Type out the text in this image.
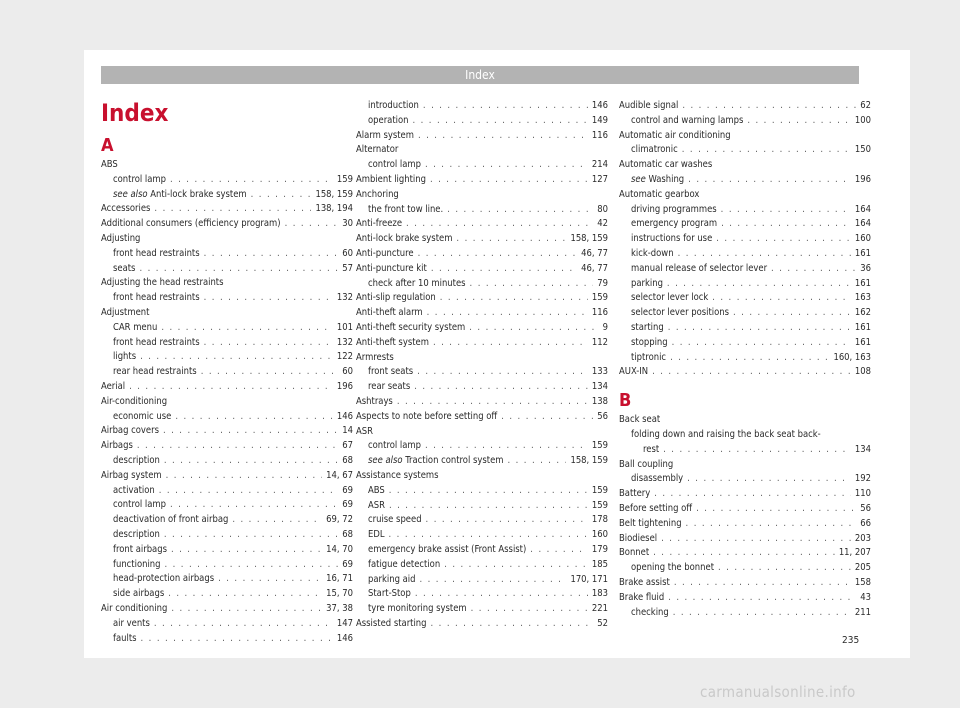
Index
Index
A
ABS
control lamp . . .	159
see also Anti-lock brake system . . .	158, 159
Accessories . . .	138, 194
Additional consumers (efficiency program) . . .	30
Adjusting
front head restraints . . .	60
seats . . .	57
Adjusting the head restraints
front head restraints . . .	132
Adjustment
CAR menu . . .	101
front head restraints . . .	132
lights . . .	122
rear head restraints . . .	60
Aerial . . .	196
Air-conditioning
economic use . . .	146
Airbag covers . . .	14
Airbags . . .	67
description . . .	68
Airbag system . . .	14, 67
activation . . .	69
control lamp . . .	69
deactivation of front airbag . . .	69, 72
description . . .	68
front airbags . . .	14, 70
functioning . . .	69
head-protection airbags . . .	16, 71
side airbags . . .	15, 70
Air conditioning . . .	37, 38
air vents . . .	147
faults . . .	146
introduction . . .	146
operation . . .	149
Alarm system . . .	116
Alternator
control lamp . . .	214
Ambient lighting . . .	127
Anchoring
the front tow line. . . .	80
Anti-freeze . . .	42
Anti-lock brake system . . .	158, 159
Anti-puncture . . .	46, 77
Anti-puncture kit . . .	46, 77
check after 10 minutes . . .	79
Anti-slip regulation . . .	159
Anti-theft alarm . . .	116
Anti-theft security system . . .	9
Anti-theft system . . .	112
Armrests
front seats . . .	133
rear seats . . .	134
Ashtrays . . .	138
Aspects to note before setting off . . .	56
ASR
control lamp . . .	159
see also Traction control system . . .	158, 159
Assistance systems
ABS . . .	159
ASR . . .	159
cruise speed . . .	178
EDL . . .	160
emergency brake assist (Front Assist) . . .	179
fatigue detection . . .	185
parking aid . . .	170, 171
Start-Stop . . .	183
tyre monitoring system . . .	221
Assisted starting . . .	52
Audible signal . . .	62
control and warning lamps . . .	100
Automatic air conditioning
climatronic . . .	150
Automatic car washes
see Washing . . .	196
Automatic gearbox
driving programmes . . .	164
emergency program . . .	164
instructions for use . . .	160
kick-down . . .	161
manual release of selector lever . . .	36
parking . . .	161
selector lever lock . . .	163
selector lever positions . . .	162
starting . . .	161
stopping . . .	161
tiptronic . . .	160, 163
AUX-IN . . .	108
B
Back seat
folding down and raising the back seat back-
rest . . .	134
Ball coupling
disassembly . . .	192
Battery . . .	110
Before setting off . . .	56
Belt tightening . . .	66
Biodiesel . . .	203
Bonnet . . .	11, 207
opening the bonnet . . .	205
Brake assist . . .	158
Brake fluid . . .	43
checking . . .	211
235
carmanualsonline.info
